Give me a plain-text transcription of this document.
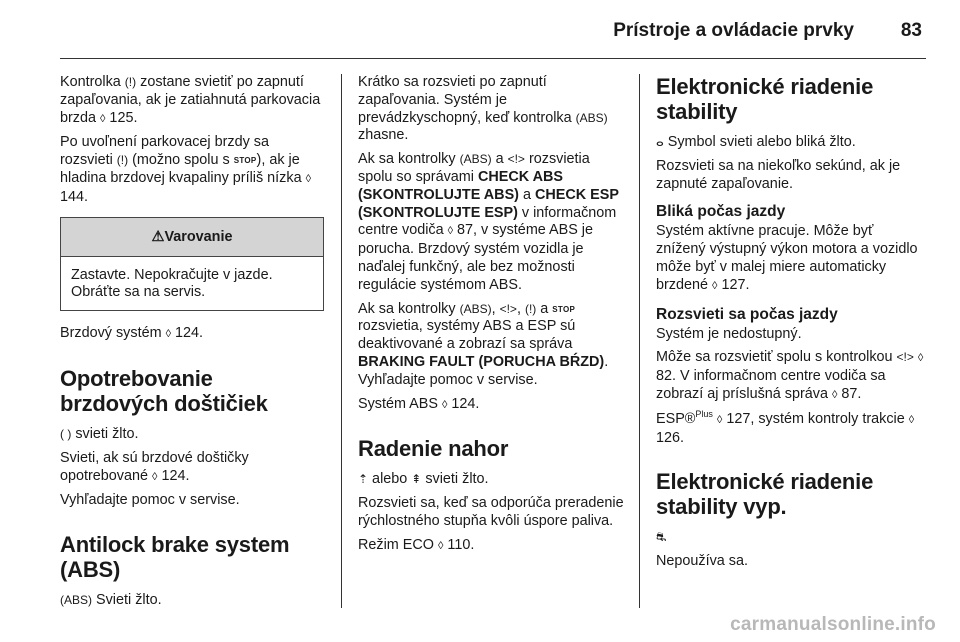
Prístroje a ovládacie prvky 83

Kontrolka (!) zostane svietiť po zapnutí zapaľovania, ak je zatiahnutá parkovacia brzda ◊ 125.

Po uvoľnení parkovacej brzdy sa rozsvieti (!) (možno spolu s STOP), ak je hladina brzdovej kvapaliny príliš nízka ◊ 144.

⚠Varovanie
Zastavte. Nepokračujte v jazde. Obráťte sa na servis.

Brzdový systém ◊ 124.

Opotrebovanie brzdových doštičiek

( ) svieti žlto.

Svieti, ak sú brzdové doštičky opotrebované ◊ 124.

Vyhľadajte pomoc v servise.

Antilock brake system (ABS)

(ABS) Svieti žlto.

Krátko sa rozsvieti po zapnutí zapaľovania. Systém je prevádzkyschopný, keď kontrolka (ABS) zhasne.

Ak sa kontrolky (ABS) a <!> rozsvietia spolu so správami CHECK ABS (SKONTROLUJTE ABS) a CHECK ESP (SKONTROLUJTE ESP) v informačnom centre vodiča ◊ 87, v systéme ABS je porucha. Brzdový systém vozidla je naďalej funkčný, ale bez možnosti regulácie systémom ABS.

Ak sa kontrolky (ABS), <!>, (!) a STOP rozsvietia, systémy ABS a ESP sú deaktivované a zobrazí sa správa BRAKING FAULT (PORUCHA BŔZD). Vyhľadajte pomoc v servise.

Systém ABS ◊ 124.

Radenie nahor

⇡ alebo ⇞ svieti žlto.

Rozsvieti sa, keď sa odporúča preradenie rýchlostného stupňa kvôli úspore paliva.

Režim ECO ◊ 110.

Elektronické riadenie stability

ⴰ Symbol svieti alebo bliká žlto.

Rozsvieti sa na niekoľko sekúnd, ak je zapnuté zapaľovanie.

Bliká počas jazdy

Systém aktívne pracuje. Môže byť znížený výstupný výkon motora a vozidlo môže byť v malej miere automaticky brzdené ◊ 127.

Rozsvieti sa počas jazdy

Systém je nedostupný.

Môže sa rozsvietiť spolu s kontrolkou <!> ◊ 82. V informačnom centre vodiča sa zobrazí aj príslušná správa ◊ 87.

ESP®$^{Plus}$ ◊ 127, systém kontroly trakcie ◊ 126.

Elektronické riadenie stability vyp.

⛐

Nepoužíva sa.

carmanualsonline.info
